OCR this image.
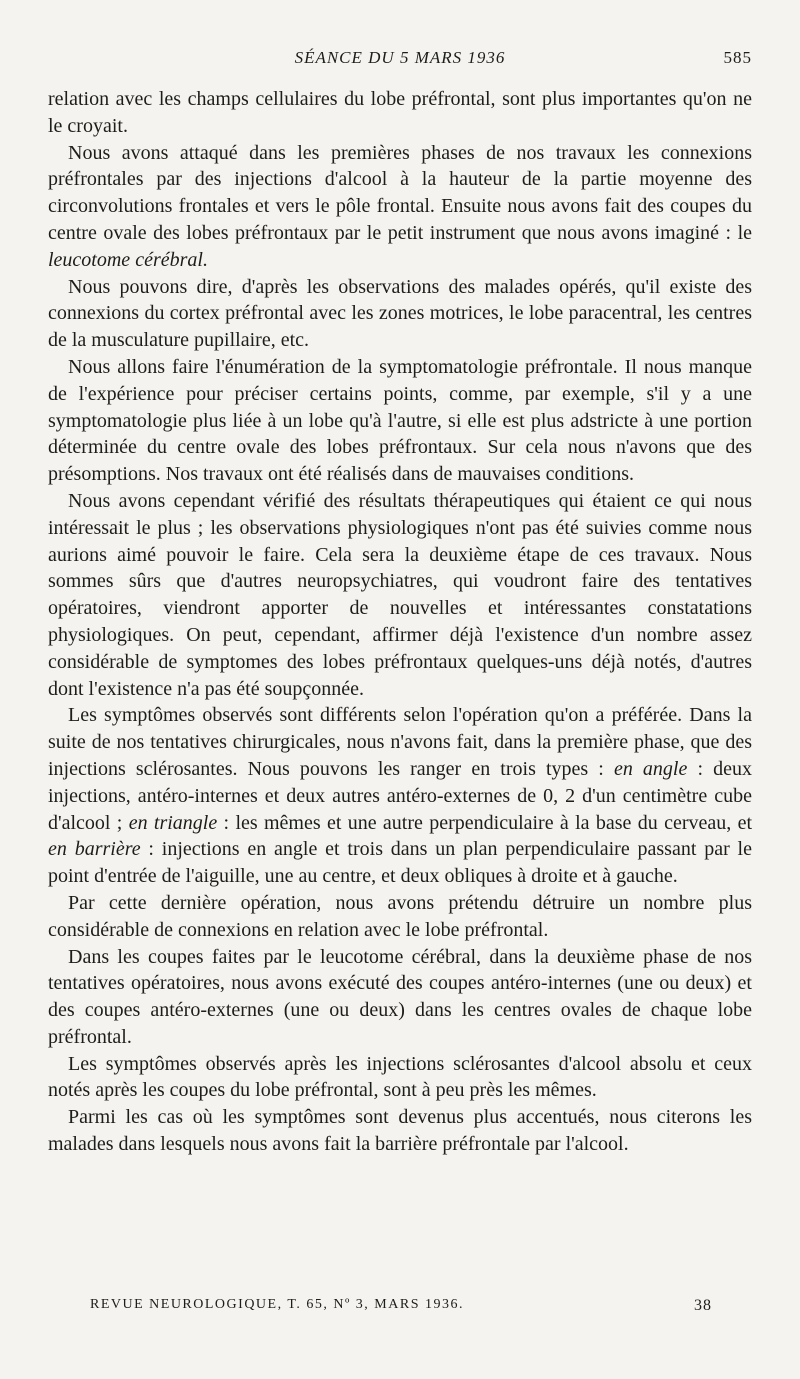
SÉANCE DU 5 MARS 1936	585

relation avec les champs cellulaires du lobe préfrontal, sont plus importantes qu'on ne le croyait.

Nous avons attaqué dans les premières phases de nos travaux les connexions préfrontales par des injections d'alcool à la hauteur de la partie moyenne des circonvolutions frontales et vers le pôle frontal. Ensuite nous avons fait des coupes du centre ovale des lobes préfrontaux par le petit instrument que nous avons imaginé : le leucotome cérébral.

Nous pouvons dire, d'après les observations des malades opérés, qu'il existe des connexions du cortex préfrontal avec les zones motrices, le lobe paracentral, les centres de la musculature pupillaire, etc.

Nous allons faire l'énumération de la symptomatologie préfrontale. Il nous manque de l'expérience pour préciser certains points, comme, par exemple, s'il y a une symptomatologie plus liée à un lobe qu'à l'autre, si elle est plus adstricte à une portion déterminée du centre ovale des lobes préfrontaux. Sur cela nous n'avons que des présomptions. Nos travaux ont été réalisés dans de mauvaises conditions.

Nous avons cependant vérifié des résultats thérapeutiques qui étaient ce qui nous intéressait le plus ; les observations physiologiques n'ont pas été suivies comme nous aurions aimé pouvoir le faire. Cela sera la deuxième étape de ces travaux. Nous sommes sûrs que d'autres neuropsychiatres, qui voudront faire des tentatives opératoires, viendront apporter de nouvelles et intéressantes constatations physiologiques. On peut, cependant, affirmer déjà l'existence d'un nombre assez considérable de symptomes des lobes préfrontaux quelques-uns déjà notés, d'autres dont l'existence n'a pas été soupçonnée.

Les symptômes observés sont différents selon l'opération qu'on a préférée. Dans la suite de nos tentatives chirurgicales, nous n'avons fait, dans la première phase, que des injections sclérosantes. Nous pouvons les ranger en trois types : en angle : deux injections, antéro-internes et deux autres antéro-externes de 0, 2 d'un centimètre cube d'alcool ; en triangle : les mêmes et une autre perpendiculaire à la base du cerveau, et en barrière : injections en angle et trois dans un plan perpendiculaire passant par le point d'entrée de l'aiguille, une au centre, et deux obliques à droite et à gauche.

Par cette dernière opération, nous avons prétendu détruire un nombre plus considérable de connexions en relation avec le lobe préfrontal.

Dans les coupes faites par le leucotome cérébral, dans la deuxième phase de nos tentatives opératoires, nous avons exécuté des coupes antéro-internes (une ou deux) et des coupes antéro-externes (une ou deux) dans les centres ovales de chaque lobe préfrontal.

Les symptômes observés après les injections sclérosantes d'alcool absolu et ceux notés après les coupes du lobe préfrontal, sont à peu près les mêmes.

Parmi les cas où les symptômes sont devenus plus accentués, nous citerons les malades dans lesquels nous avons fait la barrière préfrontale par l'alcool.

REVUE NEUROLOGIQUE, T. 65, Nº 3, MARS 1936.	38
